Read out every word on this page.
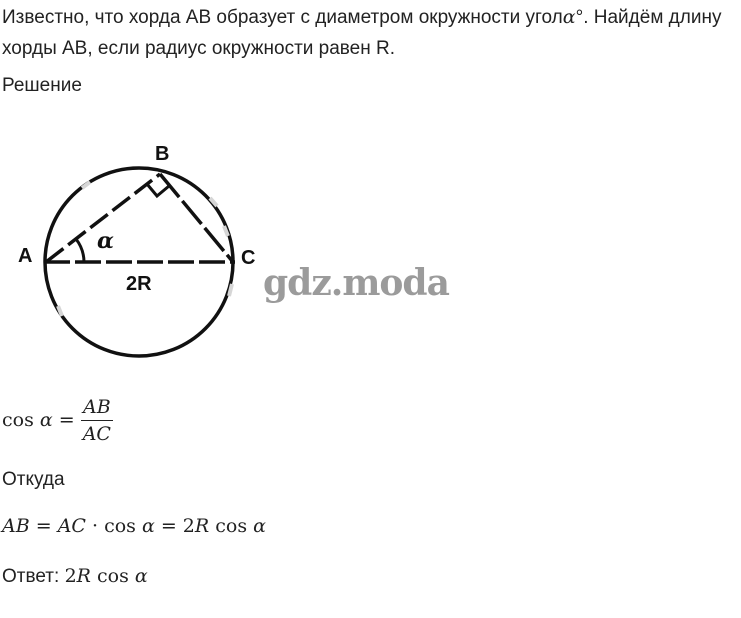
Известно, что хорда AB образует с диаметром окружности уголα°. Найдём длину хорды AB, если радиус окружности равен R.

Решение

A
B
C
α
2R	gdz.moda
cos
α
= $\frac{AB}{AC}$

Откуда

AB = AC · cos α = 2R cos α
Ответ: 2R cos α
